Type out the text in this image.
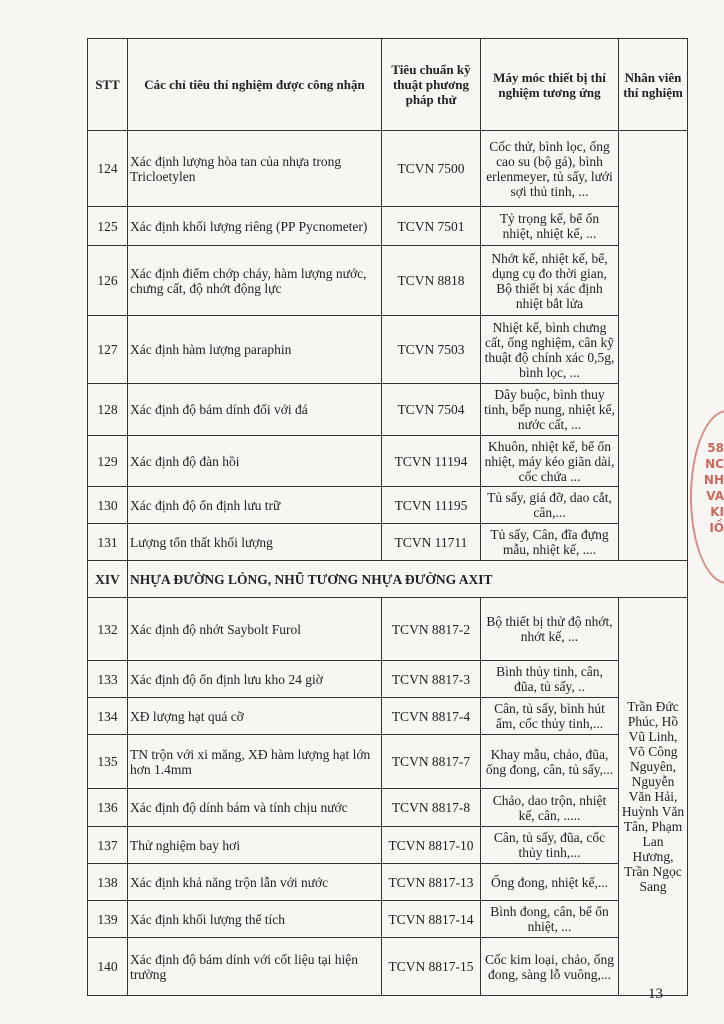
STT	Các chỉ tiêu thí nghiệm được công nhận	Tiêu chuẩn kỹ thuật phương pháp thử	Máy móc thiết bị thí nghiệm tương ứng	Nhân viên thí nghiệm
124	Xác định lượng hòa tan của nhựa trong Tricloetylen	TCVN 7500	Cốc thử, bình lọc, ống cao su (bộ gá), bình erlenmeyer, tủ sấy, lưới sợi thủ tinh, ...	
125	Xác định khối lượng riêng (PP Pycnometer)	TCVN 7501	Tỷ trọng kế, bể ổn nhiệt, nhiệt kế, ...	
126	Xác định điểm chớp cháy, hàm lượng nước, chưng cất, độ nhớt động lực	TCVN 8818	Nhớt kế, nhiệt kế, bể, dụng cụ đo thời gian, Bộ thiết bị xác định nhiệt bắt lửa	
127	Xác định hàm lượng paraphin	TCVN 7503	Nhiệt kế, bình chưng cất, ống nghiệm, cân kỹ thuật độ chính xác 0,5g, bình lọc, ...	
128	Xác định độ bám dính đối với đá	TCVN 7504	Dây buộc, bình thuy tinh, bếp nung, nhiệt kế, nước cất, ...	
129	Xác định độ đàn hồi	TCVN 11194	Khuôn, nhiệt kế, bể ổn nhiệt, máy kéo giãn dài, cốc chứa ...	
130	Xác định độ ổn định lưu trữ	TCVN 11195	Tủ sấy, giá đỡ, dao cắt, cân,...	
131	Lượng tổn thất khối lượng	TCVN 11711	Tủ sấy, Cân, đĩa đựng mẫu, nhiệt kế, ....	
XIV	NHỰA ĐƯỜNG LỎNG, NHŨ TƯƠNG NHỰA ĐƯỜNG AXIT			
132	Xác định độ nhớt Saybolt Furol	TCVN 8817-2	Bộ thiết bị thử độ nhớt, nhớt kế, ...	Trần Đức Phúc, Hồ Vũ Linh, Võ Công Nguyên, Nguyễn Văn Hải, Huỳnh Văn Tân, Phạm Lan Hương, Trần Ngọc Sang
133	Xác định độ ổn định lưu kho 24 giờ	TCVN 8817-3	Bình thủy tinh, cân, đũa, tủ sấy, ..	
134	XĐ lượng hạt quá cỡ	TCVN 8817-4	Cân, tủ sấy, bình hút ẩm, cốc thủy tinh,...	
135	TN trộn với xi măng, XĐ hàm lượng hạt lớn hơn 1.4mm	TCVN 8817-7	Khay mẫu, chảo, đũa, ống đong, cân, tủ sấy,...	
136	Xác định độ dính bám và tính chịu nước	TCVN 8817-8	Chảo, dao trộn, nhiệt kế, cân, .....	
137	Thử nghiệm bay hơi	TCVN 8817-10	Cân, tủ sấy, đũa, cốc thủy tinh,...	
138	Xác định khả năng trộn lẫn với nước	TCVN 8817-13	Ống đong, nhiệt kế,...	
139	Xác định khối lượng thể tích	TCVN 8817-14	Bình đong, cân, bể ổn nhiệt, ...	
140	Xác định độ bám dính với cốt liệu tại hiện trường	TCVN 8817-15	Cốc kim loại, chảo, ống đong, sàng lỗ vuông,...	
58
NC
NH
VA
KI
IỒ
13
